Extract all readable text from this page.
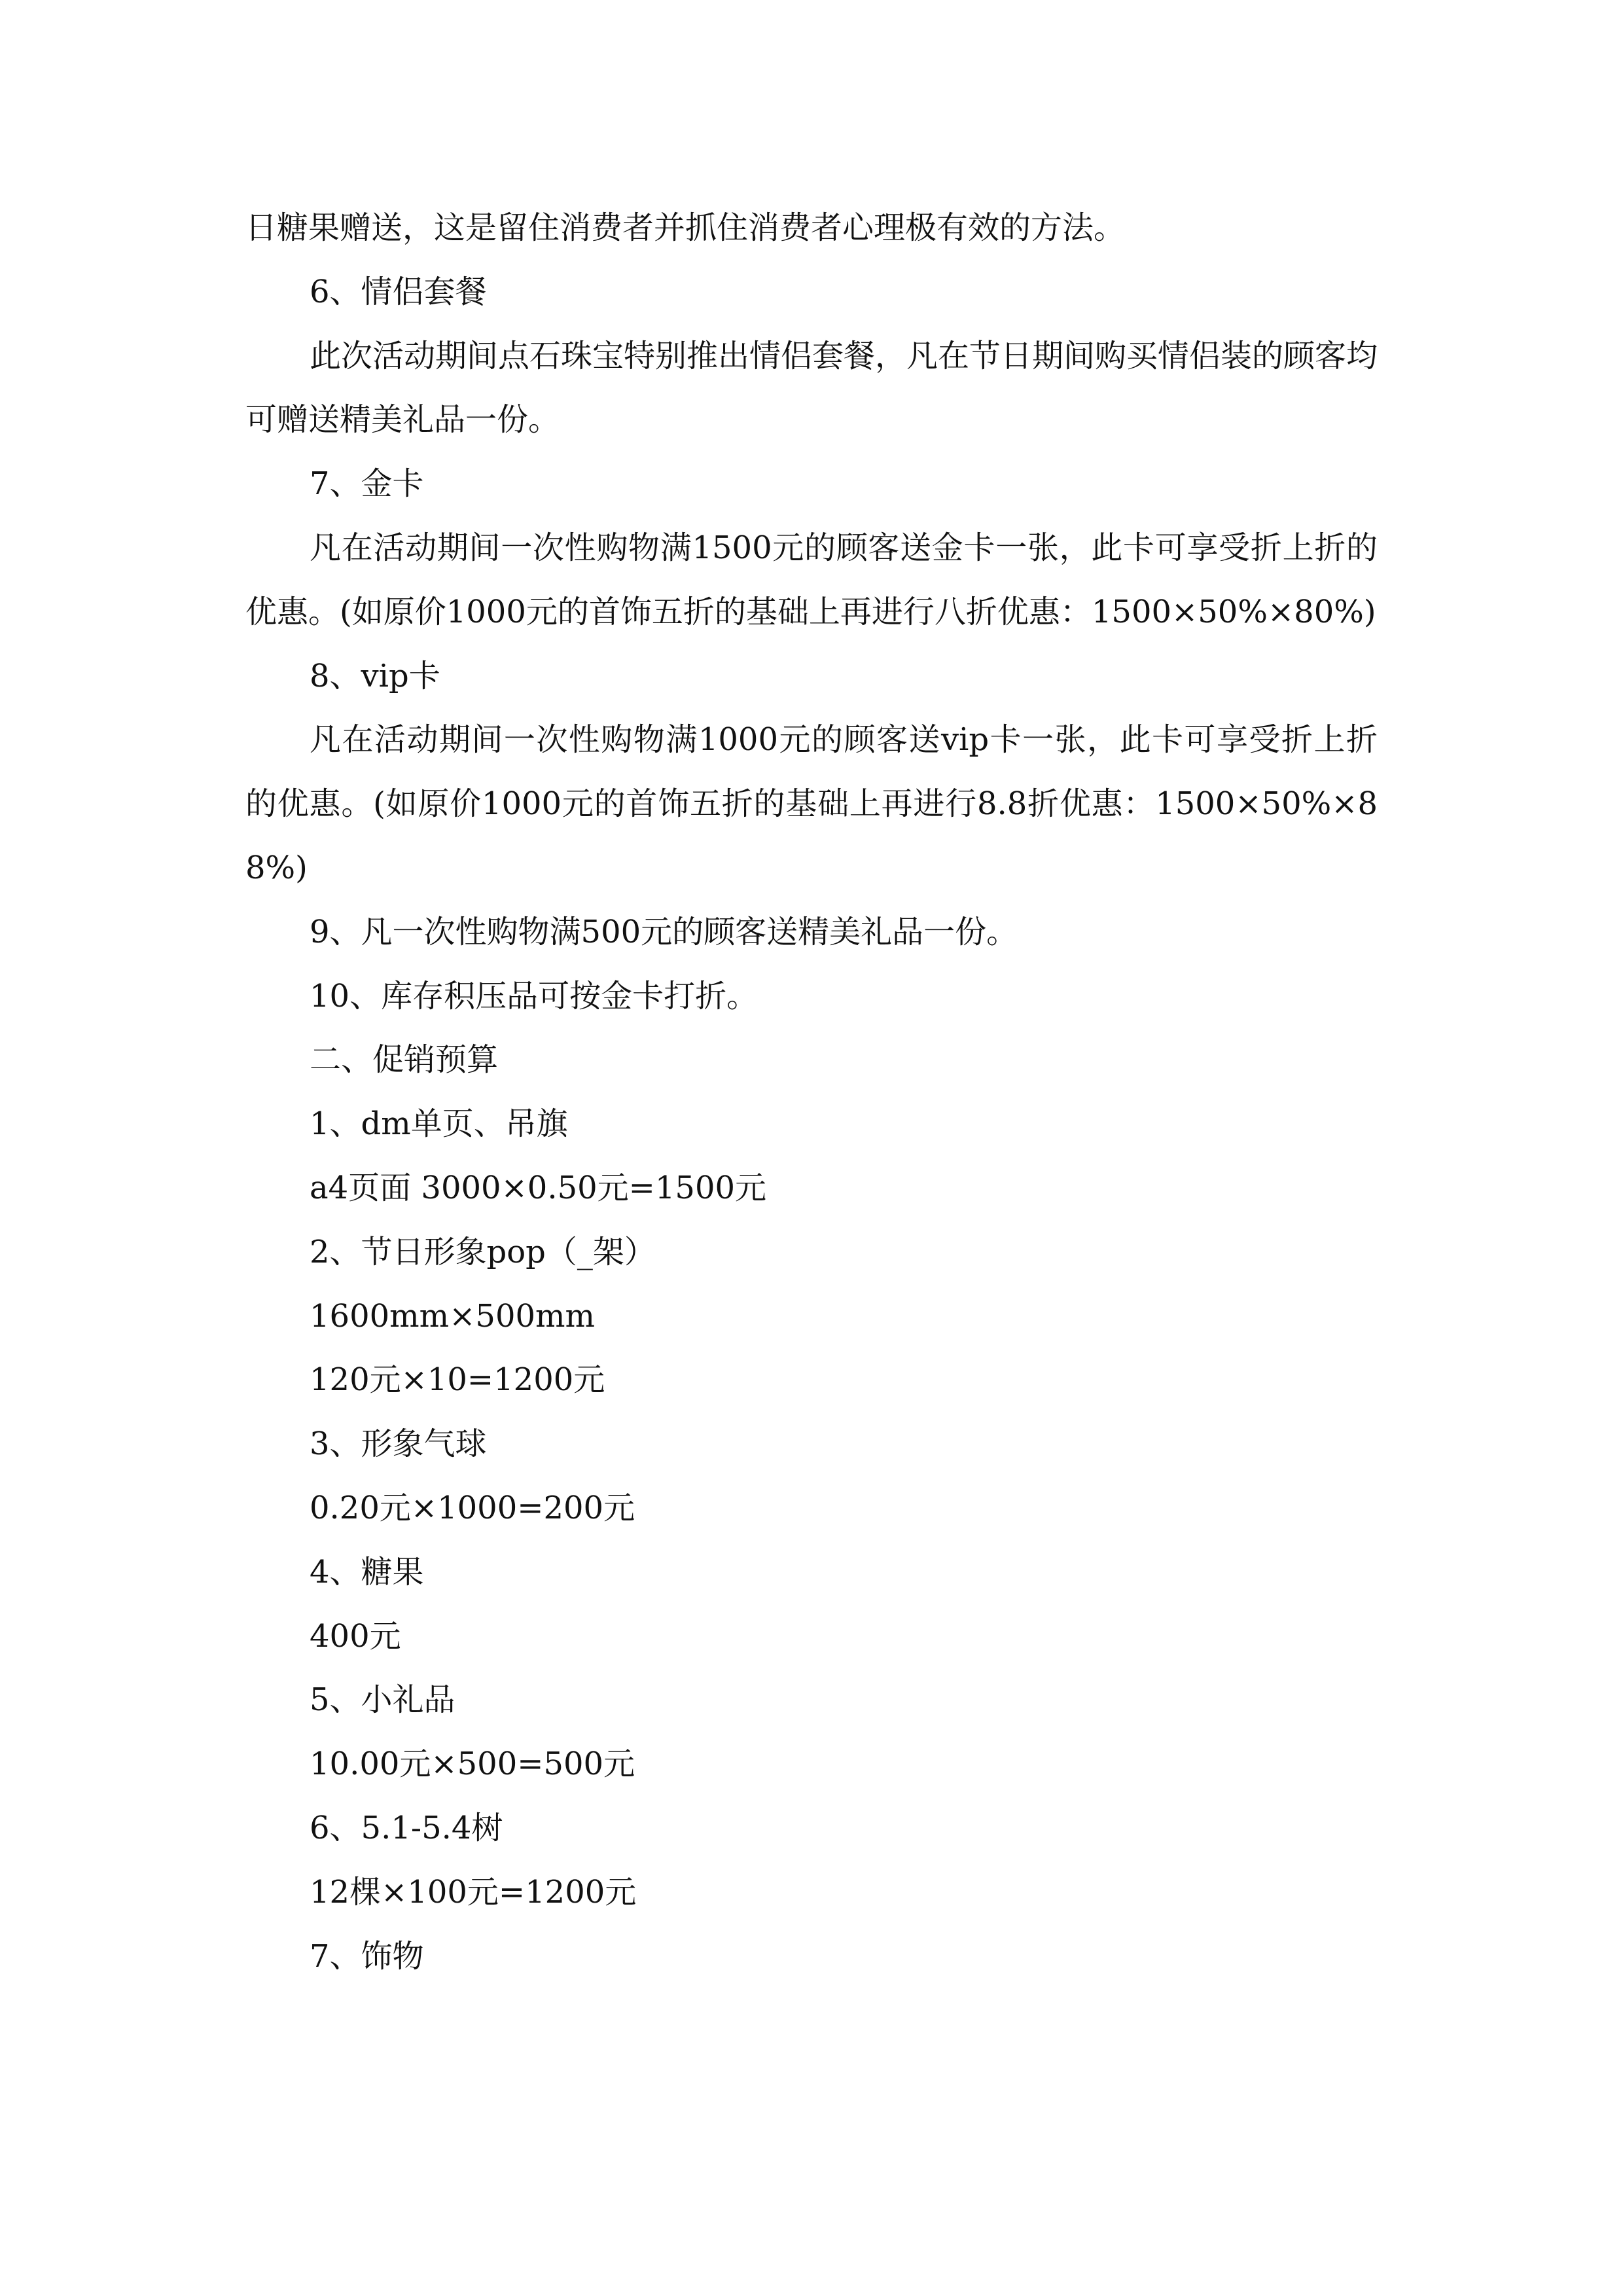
日糖果赠送，这是留住消费者并抓住消费者心理极有效的方法。

6、情侣套餐

此次活动期间点石珠宝特别推出情侣套餐，凡在节日期间购买情侣装的顾客均可赠送精美礼品一份。

7、金卡

凡在活动期间一次性购物满1500元的顾客送金卡一张，此卡可享受折上折的优惠。(如原价1000元的首饰五折的基础上再进行八折优惠：1500×50%×80%)

8、vip卡

凡在活动期间一次性购物满1000元的顾客送vip卡一张，此卡可享受折上折的优惠。(如原价1000元的首饰五折的基础上再进行8.8折优惠：1500×50%×88%)

9、凡一次性购物满500元的顾客送精美礼品一份。

10、库存积压品可按金卡打折。

二、促销预算

1、dm单页、吊旗

a4页面 3000×0.50元=1500元

2、节日形象pop（_架）

1600mm×500mm

120元×10=1200元

3、形象气球

0.20元×1000=200元

4、糖果

400元

5、小礼品

10.00元×500=500元

6、5.1-5.4树

12棵×100元=1200元

7、饰物
